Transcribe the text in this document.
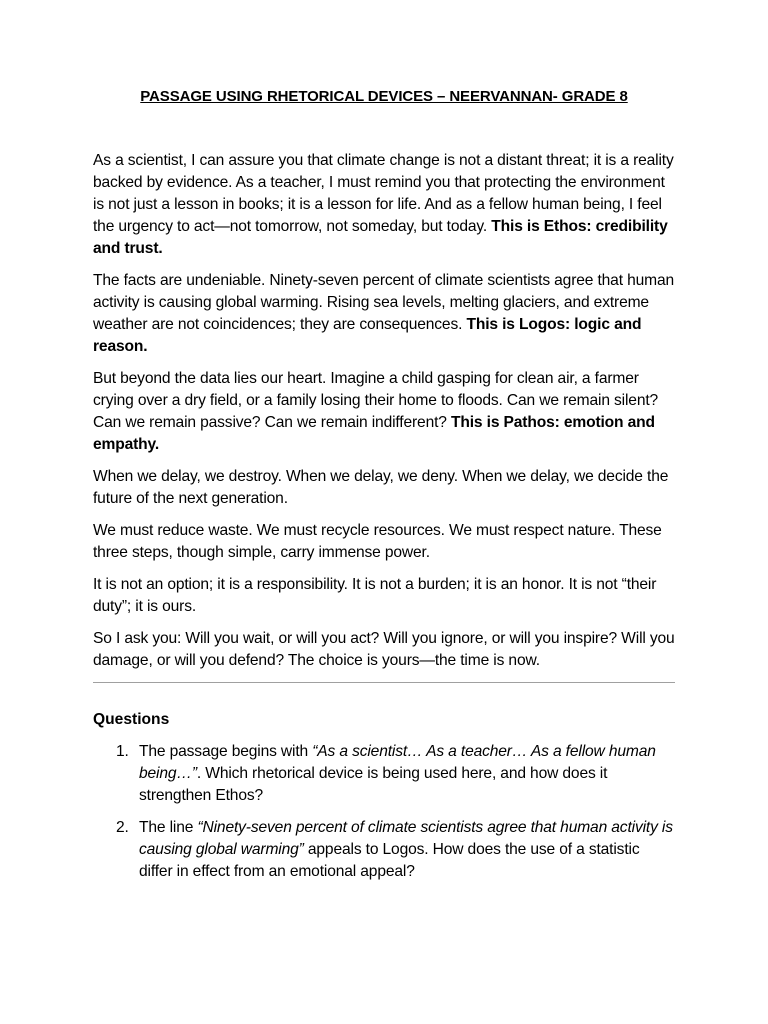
PASSAGE USING RHETORICAL DEVICES – NEERVANNAN- GRADE 8

As a scientist, I can assure you that climate change is not a distant threat; it is a reality backed by evidence. As a teacher, I must remind you that protecting the environment is not just a lesson in books; it is a lesson for life. And as a fellow human being, I feel the urgency to act—not tomorrow, not someday, but today. This is Ethos: credibility and trust.

The facts are undeniable. Ninety-seven percent of climate scientists agree that human activity is causing global warming. Rising sea levels, melting glaciers, and extreme weather are not coincidences; they are consequences. This is Logos: logic and reason.

But beyond the data lies our heart. Imagine a child gasping for clean air, a farmer crying over a dry field, or a family losing their home to floods. Can we remain silent? Can we remain passive? Can we remain indifferent? This is Pathos: emotion and empathy.

When we delay, we destroy. When we delay, we deny. When we delay, we decide the future of the next generation.

We must reduce waste. We must recycle resources. We must respect nature. These three steps, though simple, carry immense power.

It is not an option; it is a responsibility. It is not a burden; it is an honor. It is not “their duty”; it is ours.

So I ask you: Will you wait, or will you act? Will you ignore, or will you inspire? Will you damage, or will you defend? The choice is yours—the time is now.

Questions
1. The passage begins with “As a scientist… As a teacher… As a fellow human being…”. Which rhetorical device is being used here, and how does it strengthen Ethos?
2. The line “Ninety-seven percent of climate scientists agree that human activity is causing global warming” appeals to Logos. How does the use of a statistic differ in effect from an emotional appeal?
